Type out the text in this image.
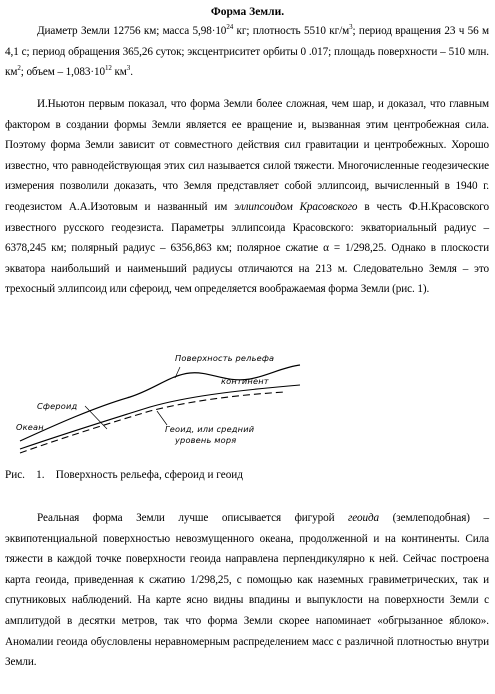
Форма Земли.

Диаметр Земли 12756 км; масса $5,98\cdot 10^{24}$ кг; плотность 5510 $кг/м^3$; период вращения 23 ч 56 м 4,1 с; период обращения 365,26 суток; эксцентриситет орбиты 0 .017; площадь поверхности – 510 млн. $км^2$; объем – $1,083\cdot 10^{12}$ $км^3$.

И.Ньютон первым показал, что форма Земли более сложная, чем шар, и доказал, что главным фактором в создании формы Земли является ее вращение и, вызванная этим центробежная сила. Поэтому форма Земли зависит от совместного действия сил гравитации и центробежных. Хорошо известно, что равнодействующая этих сил называется силой тяжести. Многочисленные геодезические измерения позволили доказать, что Земля представляет собой эллипсоид, вычисленный в 1940 г. геодезистом А.А.Изотовым и названный им эллипсоидом Красовского в честь Ф.Н.Красовского известного русского геодезиста. Параметры эллипсоида Красовского: экваториальный радиус – 6378,245 км; полярный радиус – 6356,863 км; полярное сжатие α = 1/298,25. Однако в плоскости экватора наибольший и наименьший радиусы отличаются на 213 м. Следовательно Земля – это трехосный эллипсоид или сфероид, чем определяется воображаемая форма Земли (рис. 1).

Поверхность рельефа
континент
Сфероид
Океан	Геоид, или средний
уровень моря
Рис.    1.    Поверхность рельефа, сфероид и геоид

Реальная форма Земли лучше описывается фигурой геоида (землеподобная) – эквипотенциальной поверхностью невозмущенного океана, продолженной и на континенты. Сила тяжести в каждой точке поверхности геоида направлена перпендикулярно к ней. Сейчас построена карта геоида, приведенная к сжатию 1/298,25, с помощью как наземных гравиметрических, так и спутниковых наблюдений. На карте ясно видны впадины и выпуклости на поверхности Земли с амплитудой в десятки метров, так что форма Земли скорее напоминает «обгрызанное яблоко». Аномалии геоида обусловлены неравномерным распределением масс с различной плотностью внутри Земли.
